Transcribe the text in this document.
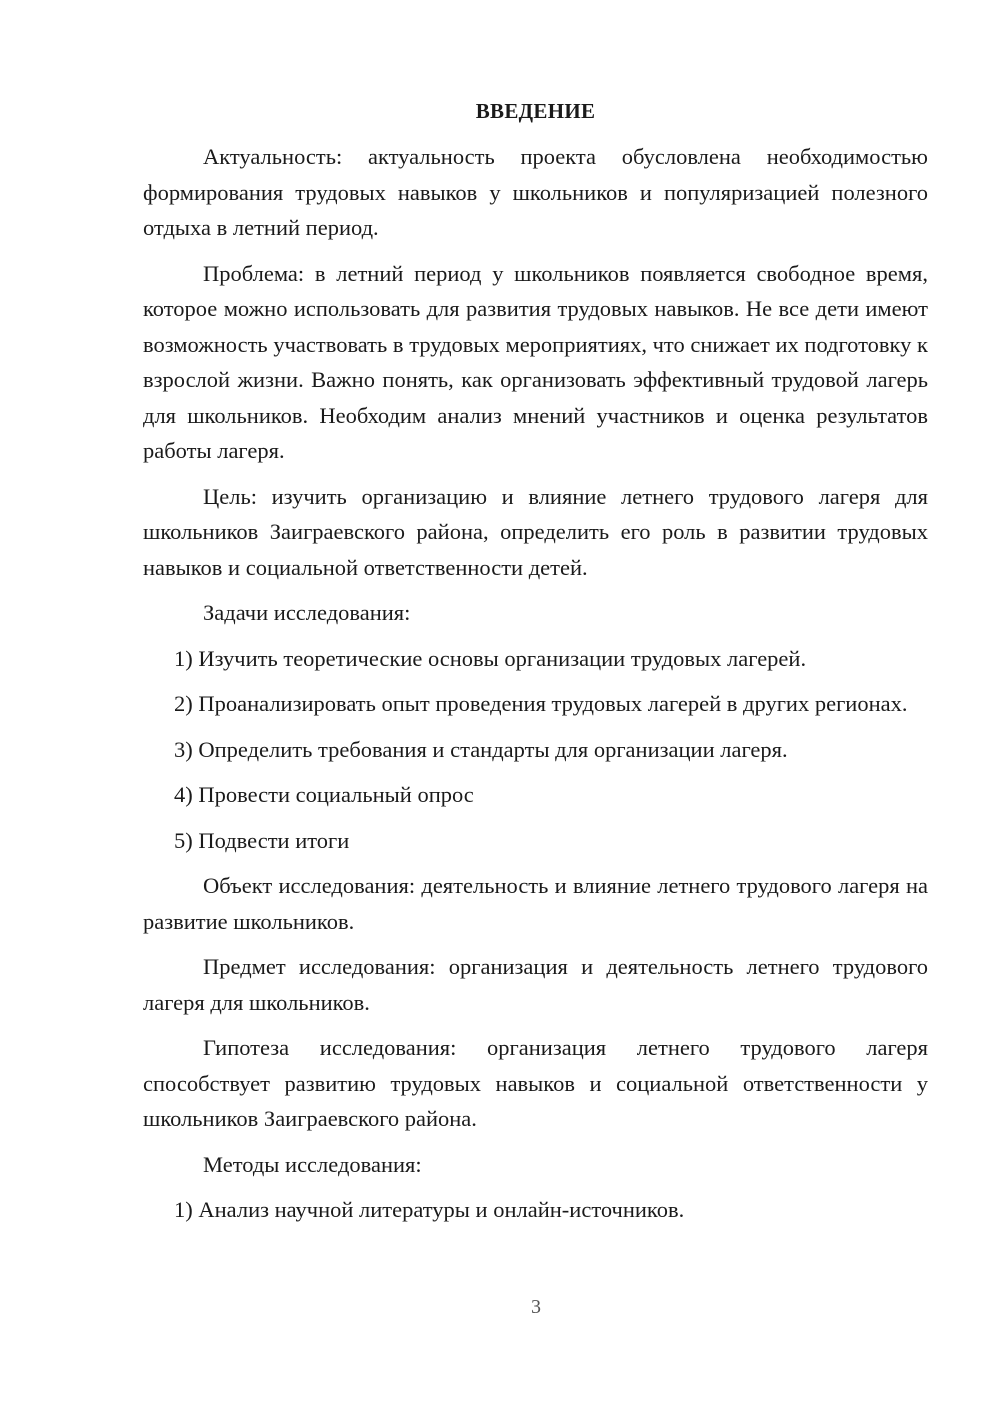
ВВЕДЕНИЕ

Актуальность: актуальность проекта обусловлена необходимостью формирования трудовых навыков у школьников и популяризацией полезного отдыха в летний период.

Проблема: в летний период у школьников появляется свободное время, которое можно использовать для развития трудовых навыков. Не все дети имеют возможность участвовать в трудовых мероприятиях, что снижает их подготовку к взрослой жизни. Важно понять, как организовать эффективный трудовой лагерь для школьников. Необходим анализ мнений участников и оценка результатов работы лагеря.

Цель: изучить организацию и влияние летнего трудового лагеря для школьников Заиграевского района, определить его роль в развитии трудовых навыков и социальной ответственности детей.

Задачи исследования:

1) Изучить теоретические основы организации трудовых лагерей.

2) Проанализировать опыт проведения трудовых лагерей в других регионах.

3) Определить требования и стандарты для организации лагеря.

4) Провести социальный опрос

5) Подвести итоги

Объект исследования: деятельность и влияние летнего трудового лагеря на развитие школьников.

Предмет исследования: организация и деятельность летнего трудового лагеря для школьников.

Гипотеза исследования: организация летнего трудового лагеря способствует развитию трудовых навыков и социальной ответственности у школьников Заиграевского района.

Методы исследования:

1) Анализ научной литературы и онлайн-источников.

3
